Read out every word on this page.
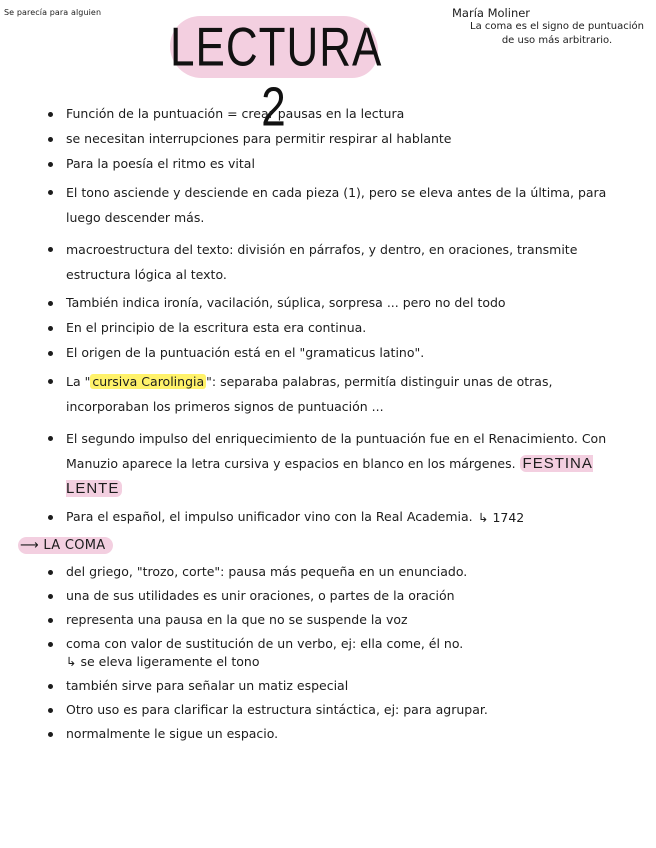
Se parecía para alguien
LECTURA 2
María Moliner
La coma es el signo de puntuación de uso más arbitrario.
Función de la puntuación = crear pausas en la lectura
se necesitan interrupciones para permitir respirar al hablante
Para la poesía el ritmo es vital
El tono asciende y desciende en cada pieza (1), pero se eleva antes de la última, para luego descender más.
macroestructura del texto: división en párrafos, y dentro, en oraciones, transmite estructura lógica al texto.
También indica ironía, vacilación, súplica, sorpresa ... pero no del todo
En el principio de la escritura esta era continua.
El origen de la puntuación está en el "gramaticus latino".
La " cursiva Carolingia ": separaba palabras, permitía distinguir unas de otras, incorporaban los primeros signos de puntuación ...
El segundo impulso del enriquecimiento de la puntuación fue en el Renacimiento. Con Manuzio aparece la letra cursiva y espacios en blanco en los márgenes. FESTINA LENTE
Para el español, el impulso unificador vino con la Real Academia. ↳ 1742
⟶ LA COMA
del griego, "trozo, corte": pausa más pequeña en un enunciado.
una de sus utilidades es unir oraciones, o partes de la oración
representa una pausa en la que no se suspende la voz
coma con valor de sustitución de un verbo, ej: ella come, él no.
↳ se eleva ligeramente el tono
también sirve para señalar un matiz especial
Otro uso es para clarificar la estructura sintáctica, ej: para agrupar.
normalmente le sigue un espacio.
